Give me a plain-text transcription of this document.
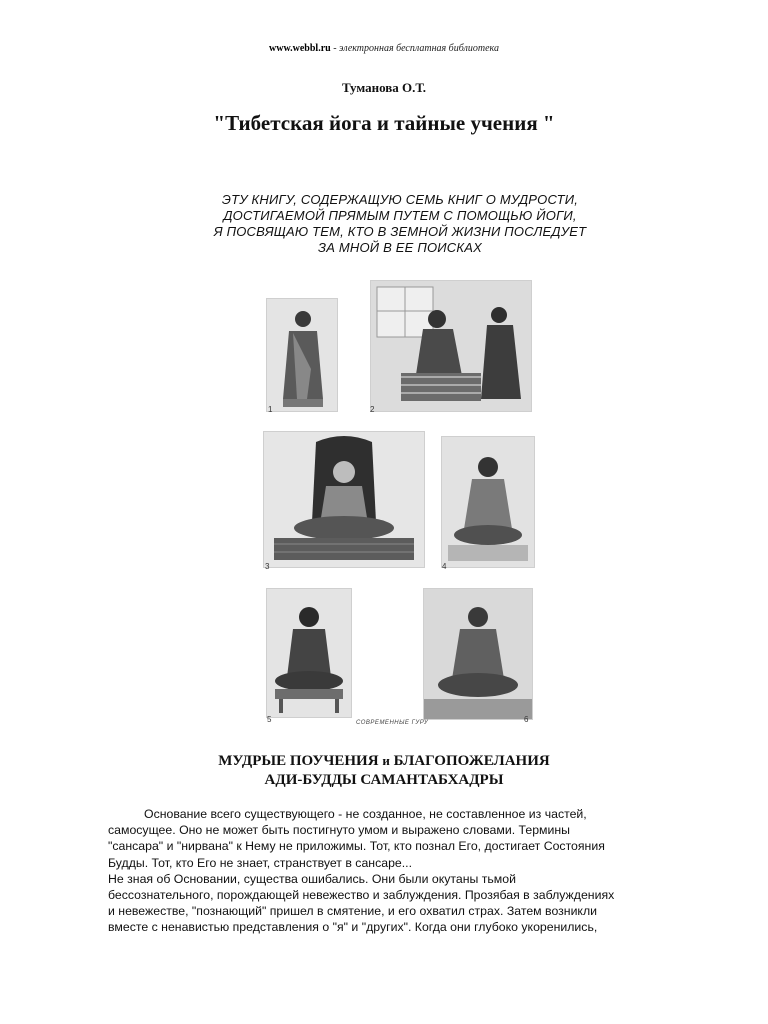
www.webbl.ru - электронная бесплатная библиотека
Туманова О.Т.
"Тибетская йога и тайные учения "
ЭТУ КНИГУ, СОДЕРЖАЩУЮ СЕМЬ КНИГ О МУДРОСТИ,
ДОСТИГАЕМОЙ ПРЯМЫМ ПУТЕМ С ПОМОЩЬЮ ЙОГИ,
Я ПОСВЯЩАЮ ТЕМ, КТО В ЗЕМНОЙ ЖИЗНИ ПОСЛЕДУЕТ
ЗА МНОЙ В ЕЕ ПОИСКАХ
1	2
3	4
5	6
СОВРЕМЕННЫЕ ГУРУ
МУДРЫЕ ПОУЧЕНИЯ и БЛАГОПОЖЕЛАНИЯ
АДИ-БУДДЫ САМАНТАБХАДРЫ
Основание всего существующего - не созданное, не составленное из частей,
самосущее. Оно не может быть постигнуто умом и выражено словами. Термины
"сансара" и "нирвана" к Нему не приложимы. Тот, кто познал Его, достигает Состояния
Будды. Тот, кто Его не знает, странствует в сансаре...
Не зная об Основании, существа ошибались. Они были окутаны тьмой
бессознательного, порождающей невежество и заблуждения. Прозябая в заблуждениях
и невежестве, "познающий" пришел в смятение, и его охватил страх. Затем возникли
вместе с ненавистью представления о "я" и "других". Когда они глубоко укоренились,
